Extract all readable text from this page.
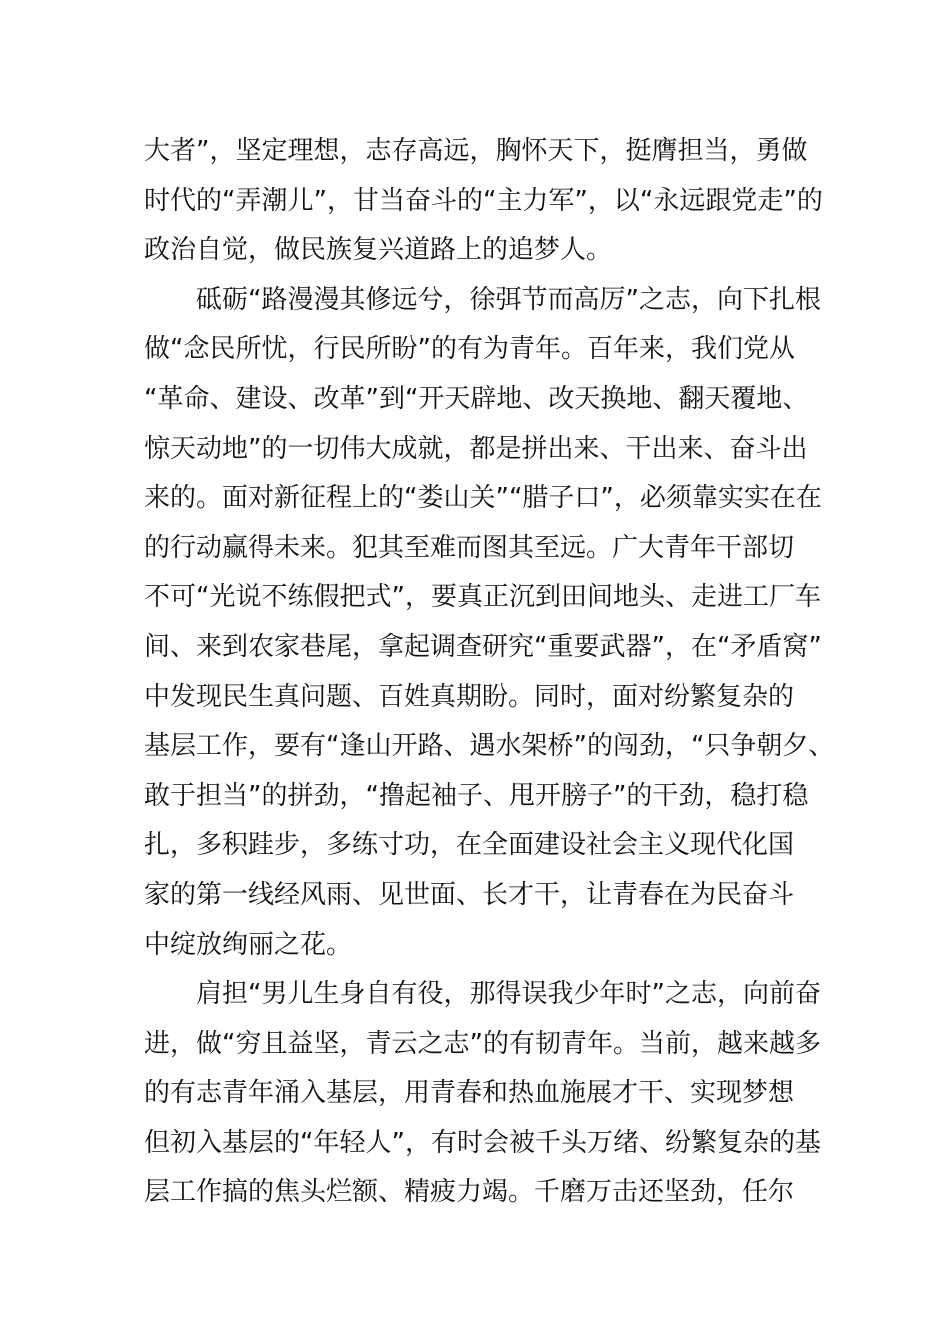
大者”，坚定理想，志存高远，胸怀天下，挺膺担当，勇做
时代的“弄潮儿”，甘当奋斗的“主力军”，以“永远跟党走”的
政治自觉，做民族复兴道路上的追梦人。
　　砥砺“路漫漫其修远兮，徐弭节而高厉”之志，向下扎根
做“念民所忧，行民所盼”的有为青年。百年来，我们党从
“革命、建设、改革”到“开天辟地、改天换地、翻天覆地、
惊天动地”的一切伟大成就，都是拼出来、干出来、奋斗出
来的。面对新征程上的“娄山关”“腊子口”，必须靠实实在在
的行动赢得未来。犯其至难而图其至远。广大青年干部切
不可“光说不练假把式”，要真正沉到田间地头、走进工厂车
间、来到农家巷尾，拿起调查研究“重要武器”，在“矛盾窝”
中发现民生真问题、百姓真期盼。同时，面对纷繁复杂的
基层工作，要有“逢山开路、遇水架桥”的闯劲，“只争朝夕、
敢于担当”的拼劲，“撸起袖子、甩开膀子”的干劲，稳打稳
扎，多积跬步，多练寸功，在全面建设社会主义现代化国
家的第一线经风雨、见世面、长才干，让青春在为民奋斗
中绽放绚丽之花。
　　肩担“男儿生身自有役，那得误我少年时”之志，向前奋
进，做“穷且益坚，青云之志”的有韧青年。当前，越来越多
的有志青年涌入基层，用青春和热血施展才干、实现梦想
但初入基层的“年轻人”，有时会被千头万绪、纷繁复杂的基
层工作搞的焦头烂额、精疲力竭。千磨万击还坚劲，任尔
